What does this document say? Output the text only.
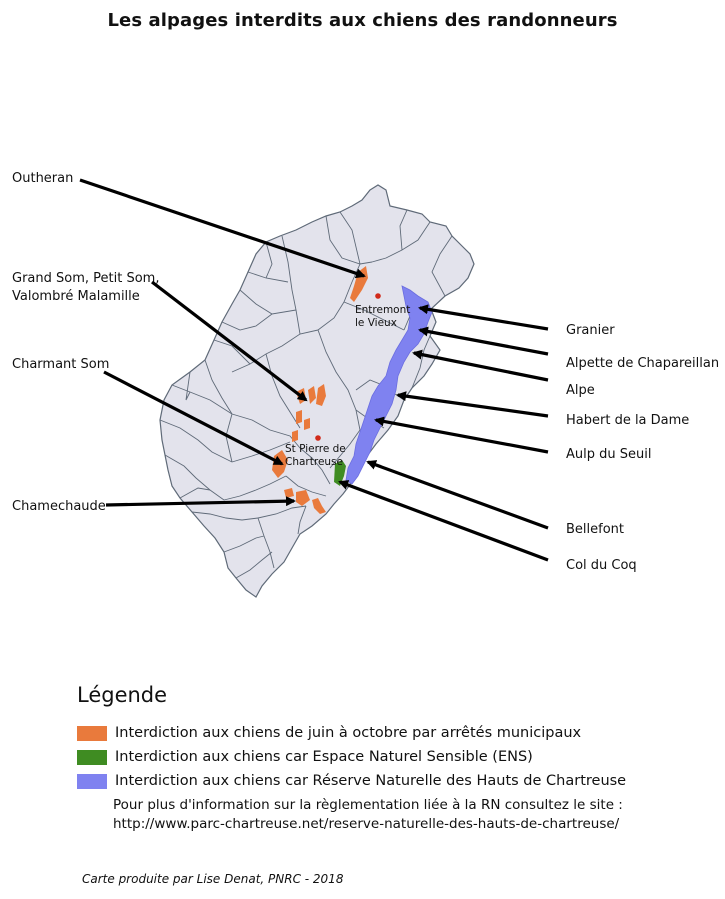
Les alpages interdits aux chiens des randonneurs
Entremont
le Vieux
St Pierre de
Chartreuse
Outheran
Grand Som, Petit Som,
Valombré Malamille
Charmant Som
Chamechaude
Granier
Alpette de Chapareillan
Alpe
Habert de la Dame
Aulp du Seuil
Bellefont
Col du Coq
Légende
Interdiction aux chiens de juin à octobre par arrêtés municipaux
Interdiction aux chiens car Espace Naturel Sensible (ENS)
Interdiction aux chiens car Réserve Naturelle des Hauts de Chartreuse
Pour plus d'information sur la règlementation liée à la RN consultez le site :
http://www.parc-chartreuse.net/reserve-naturelle-des-hauts-de-chartreuse/
Carte produite par Lise Denat, PNRC - 2018
